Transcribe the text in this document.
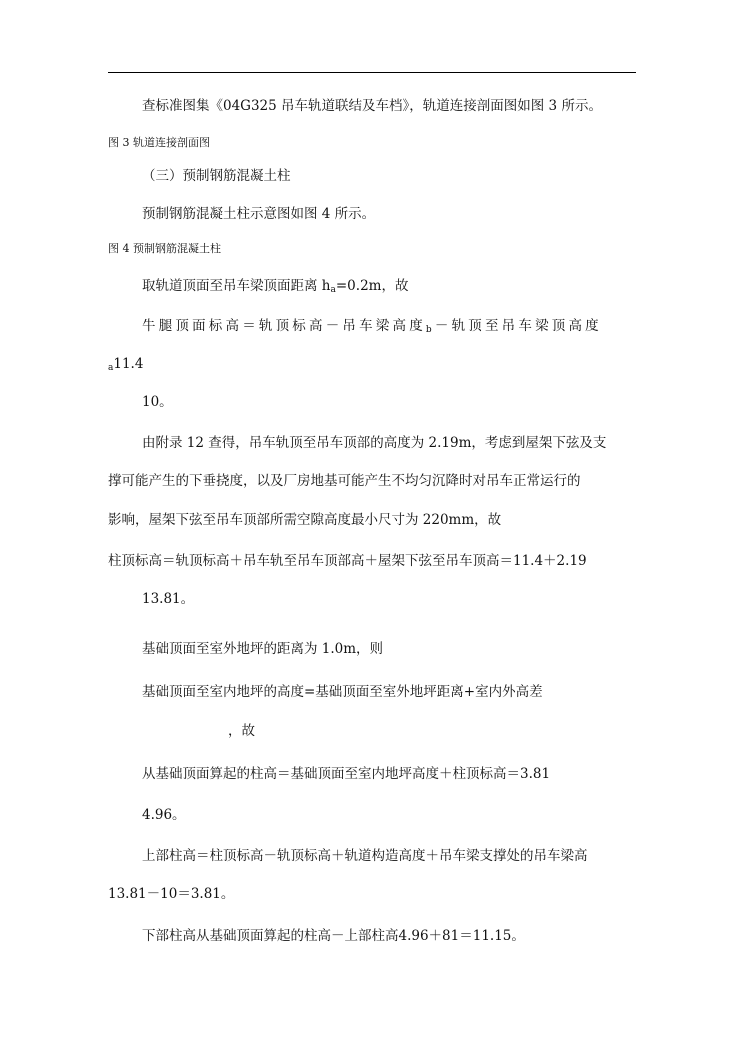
查标准图集《04G325 吊车轨道联结及车档》，轨道连接剖面图如图 3 所示。
图 3 轨道连接剖面图
（三）预制钢筋混凝土柱
预制钢筋混凝土柱示意图如图 4 所示。
图 4 预制钢筋混凝土柱
取轨道顶面至吊车梁顶面距离 $h_a=0.2m$，故
牛腿顶面标高＝轨顶标高－吊车梁高度$_b$－轨顶至吊车梁顶高度
$_a$11.4
10。
由附录 12 查得，吊车轨顶至吊车顶部的高度为 2.19m，考虑到屋架下弦及支
撑可能产生的下垂挠度，以及厂房地基可能产生不均匀沉降时对吊车正常运行的
影响，屋架下弦至吊车顶部所需空隙高度最小尺寸为 220mm，故
柱顶标高＝轨顶标高＋吊车轨至吊车顶部高＋屋架下弦至吊车顶高＝11.4＋2.19
13.81。
基础顶面至室外地坪的距离为 1.0m，则
基础顶面至室内地坪的高度=基础顶面至室外地坪距离+室内外高差
，故
从基础顶面算起的柱高＝基础顶面至室内地坪高度＋柱顶标高＝3.81
4.96。
上部柱高＝柱顶标高－轨顶标高＋轨道构造高度＋吊车梁支撑处的吊车梁高
13.81－10＝3.81。
下部柱高从基础顶面算起的柱高－上部柱高4.96＋81＝11.15。
